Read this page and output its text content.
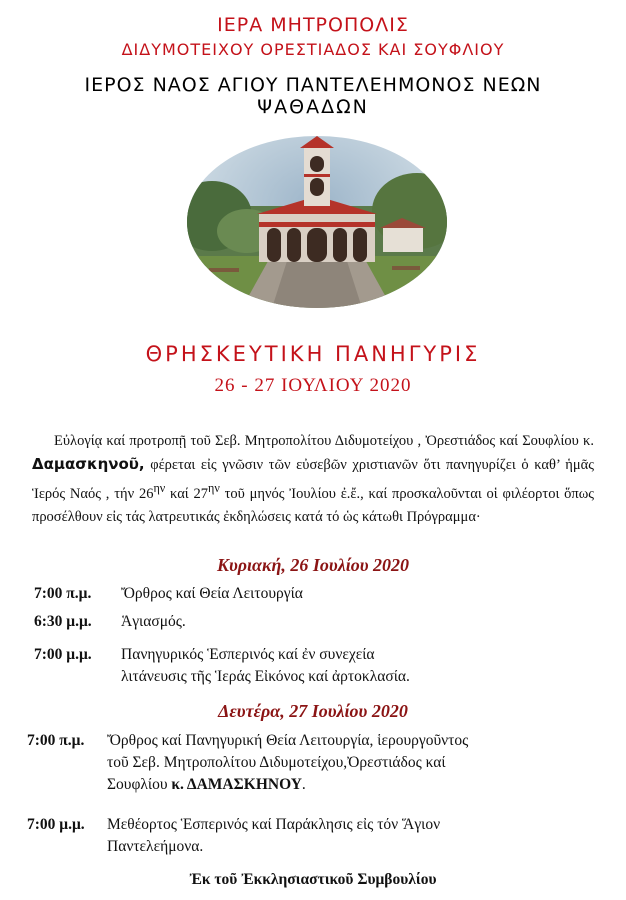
ΙΕΡΑ ΜΗΤΡΟΠΟΛΙΣ
ΔΙΔΥΜΟΤΕΙΧΟΥ ΟΡΕΣΤΙΑΔΟΣ ΚΑΙ ΣΟΥΦΛΙΟΥ
ΙΕΡΟΣ ΝΑΟΣ ΑΓΙΟΥ ΠΑΝΤΕΛΕΗΜΟΝΟΣ ΝΕΩΝ
ΨΑΘΑΔΩΝ
ΘΡΗΣΚΕΥΤΙΚΗ ΠΑΝΗΓΥΡΙΣ
26 - 27 ΙΟΥΛΙΟΥ 2020
Εὐλογίᾳ καί προτροπῇ τοῦ Σεβ. Μητροπολίτου Διδυμοτείχου , Ὀρεστιάδος καί Σουφλίου κ. Δαμασκηνοῦ, φέρεται εἰς γνῶσιν τῶν εὐσεβῶν χριστιανῶν ὅτι πανηγυρίζει ὁ καθ’ ἡμᾶς Ἱερός Ναός , τήν $26^{\eta\nu}$ καί $27^{\eta\nu}$ τοῦ μηνός Ἰουλίου ἐ.ἔ., καί προσκαλοῦνται οἱ φιλέορτοι ὅπως προσέλθουν εἰς τάς λατρευτικάς ἐκδηλώσεις κατά τό ὡς κάτωθι Πρόγραμμα·
Κυριακή, 26 Ιουλίου 2020
7:00 π.μ. Ὄρθρος καί Θεία Λειτουργία
6:30 μ.μ. Ἁγιασμός.
7:00 μ.μ. Πανηγυρικός Ἑσπερινός καί ἐν συνεχεία
λιτάνευσις τῆς Ἱεράς Εἰκόνος καί ἀρτοκλασία.
Δευτέρα, 27 Ιουλίου 2020
7:00 π.μ. Ὄρθρος καί Πανηγυρική Θεία Λειτουργία, ἱερουργοῦντος
τοῦ Σεβ. Μητροπολίτου Διδυμοτείχου,Ὀρεστιάδος καί
Σουφλίου κ. ΔΑΜΑΣΚΗΝΟΥ.
7:00 μ.μ. Μεθέορτος Ἑσπερινός καί Παράκλησις εἰς τόν Ἅγιον
Παντελεήμονα.
Ἐκ τοῦ Ἐκκλησιαστικοῦ Συμβουλίου
